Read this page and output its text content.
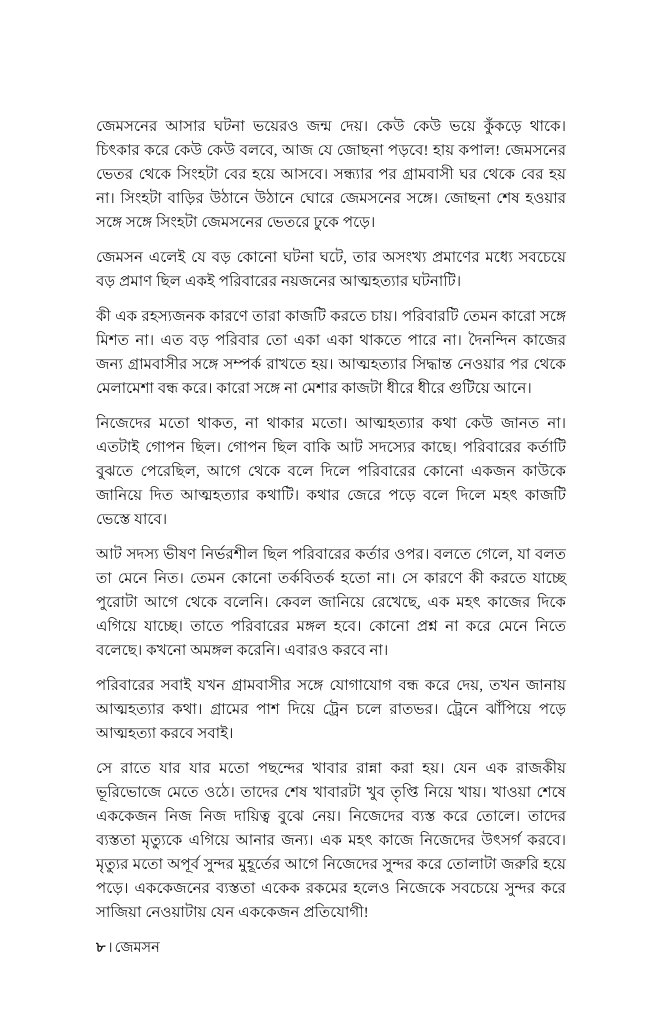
জেমসনের আসার ঘটনা ভয়েরও জন্ম দেয়। কেউ কেউ ভয়ে কুঁকড়ে থাকে। চিৎকার করে কেউ কেউ বলবে, আজ যে জোছনা পড়বে! হায় কপাল! জেমসনের ভেতর থেকে সিংহটা বের হয়ে আসবে। সন্ধ্যার পর গ্রামবাসী ঘর থেকে বের হয় না। সিংহটা বাড়ির উঠানে উঠানে ঘোরে জেমসনের সঙ্গে। জোছনা শেষ হওয়ার সঙ্গে সঙ্গে সিংহটা জেমসনের ভেতরে ঢুকে পড়ে।

জেমসন এলেই যে বড় কোনো ঘটনা ঘটে, তার অসংখ্য প্রমাণের মধ্যে সবচেয়ে বড় প্রমাণ ছিল একই পরিবারের নয়জনের আত্মহত্যার ঘটনাটি।

কী এক রহস্যজনক কারণে তারা কাজটি করতে চায়। পরিবারটি তেমন কারো সঙ্গে মিশত না। এত বড় পরিবার তো একা একা থাকতে পারে না। দৈনন্দিন কাজের জন্য গ্রামবাসীর সঙ্গে সম্পর্ক রাখতে হয়। আত্মহত্যার সিদ্ধান্ত নেওয়ার পর থেকে মেলামেশা বন্ধ করে। কারো সঙ্গে না মেশার কাজটা ধীরে ধীরে গুটিয়ে আনে।

নিজেদের মতো থাকত, না থাকার মতো। আত্মহত্যার কথা কেউ জানত না। এতটাই গোপন ছিল। গোপন ছিল বাকি আট সদস্যের কাছে। পরিবারের কর্তাটি বুঝতে পেরেছিল, আগে থেকে বলে দিলে পরিবারের কোনো একজন কাউকে জানিয়ে দিত আত্মহত্যার কথাটি। কথার জেরে পড়ে বলে দিলে মহৎ কাজটি ভেস্তে যাবে।

আট সদস্য ভীষণ নির্ভরশীল ছিল পরিবারের কর্তার ওপর। বলতে গেলে, যা বলত তা মেনে নিত। তেমন কোনো তর্কবিতর্ক হতো না। সে কারণে কী করতে যাচ্ছে পুরোটা আগে থেকে বলেনি। কেবল জানিয়ে রেখেছে, এক মহৎ কাজের দিকে এগিয়ে যাচ্ছে। তাতে পরিবারের মঙ্গল হবে। কোনো প্রশ্ন না করে মেনে নিতে বলেছে। কখনো অমঙ্গল করেনি। এবারও করবে না।

পরিবারের সবাই যখন গ্রামবাসীর সঙ্গে যোগাযোগ বন্ধ করে দেয়, তখন জানায় আত্মহত্যার কথা। গ্রামের পাশ দিয়ে ট্রেন চলে রাতভর। ট্রেনে ঝাঁপিয়ে পড়ে আত্মহত্যা করবে সবাই।

সে রাতে যার যার মতো পছন্দের খাবার রান্না করা হয়। যেন এক রাজকীয় ভূরিভোজে মেতে ওঠে। তাদের শেষ খাবারটা খুব তৃপ্তি নিয়ে খায়। খাওয়া শেষে এককেজন নিজ নিজ দায়িত্ব বুঝে নেয়। নিজেদের ব্যস্ত করে তোলে। তাদের ব্যস্ততা মৃত্যুকে এগিয়ে আনার জন্য। এক মহৎ কাজে নিজেদের উৎসর্গ করবে। মৃত্যুর মতো অপূর্ব সুন্দর মুহূর্তের আগে নিজেদের সুন্দর করে তোলাটা জরুরি হয়ে পড়ে। এককেজনের ব্যস্ততা একেক রকমের হলেও নিজেকে সবচেয়ে সুন্দর করে সাজিয়া নেওয়াটায় যেন এককেজন প্রতিযোগী!

৮ । জেমসন
